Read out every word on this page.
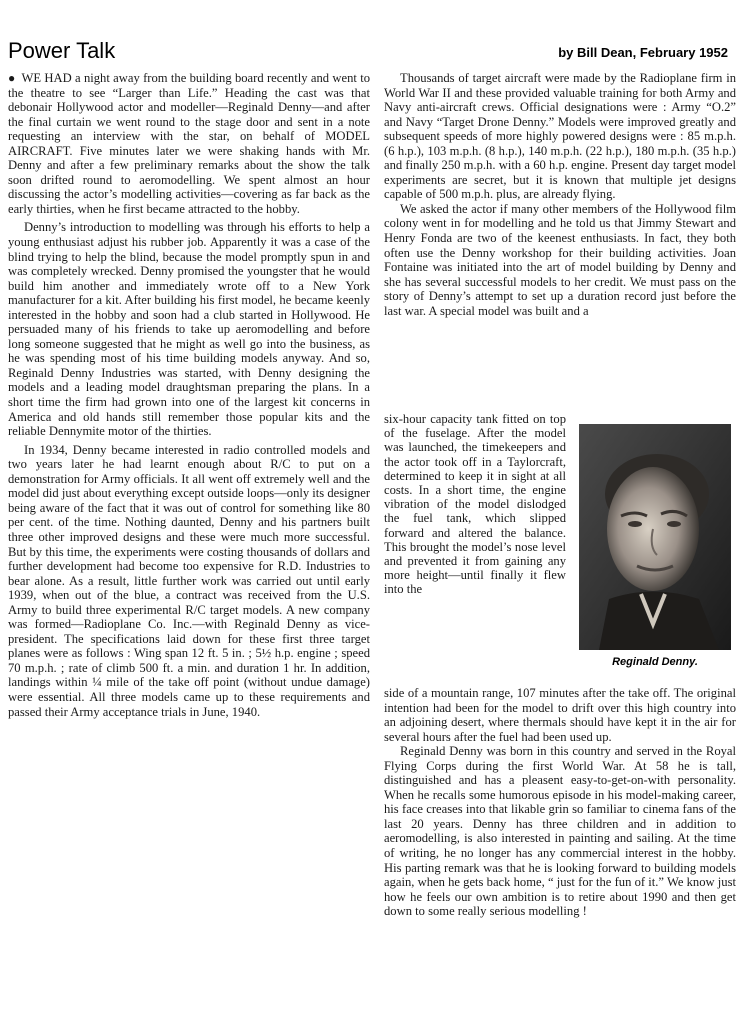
Power Talk	by Bill Dean, February 1952

● WE HAD a night away from the building board recently and went to the theatre to see “Larger than Life.” Heading the cast was that debonair Hollywood actor and modeller—Reginald Denny—and after the final curtain we went round to the stage door and sent in a note requesting an interview with the star, on behalf of MODEL AIRCRAFT. Five minutes later we were shaking hands with Mr. Denny and after a few preliminary remarks about the show the talk soon drifted round to aeromodelling. We spent almost an hour discussing the actor’s modelling activities—covering as far back as the early thirties, when he first became attracted to the hobby.

Denny’s introduction to modelling was through his efforts to help a young enthusiast adjust his rubber job. Apparently it was a case of the blind trying to help the blind, because the model promptly spun in and was completely wrecked. Denny promised the youngster that he would build him another and immediately wrote off to a New York manufacturer for a kit. After building his first model, he became keenly interested in the hobby and soon had a club started in Hollywood. He persuaded many of his friends to take up aeromodelling and before long someone suggested that he might as well go into the business, as he was spending most of his time building models anyway. And so, Reginald Denny Industries was started, with Denny designing the models and a leading model draughtsman preparing the plans. In a short time the firm had grown into one of the largest kit concerns in America and old hands still remember those popular kits and the reliable Dennymite motor of the thirties.

In 1934, Denny became interested in radio controlled models and two years later he had learnt enough about R/C to put on a demonstration for Army officials. It all went off extremely well and the model did just about everything except outside loops—only its designer being aware of the fact that it was out of control for something like 80 per cent. of the time. Nothing daunted, Denny and his partners built three other improved designs and these were much more successful. But by this time, the experiments were costing thousands of dollars and further development had become too expensive for R.D. Industries to bear alone. As a result, little further work was carried out until early 1939, when out of the blue, a contract was received from the U.S. Army to build three experimental R/C target models. A new company was formed—Radioplane Co. Inc.—with Reginald Denny as vice-president. The specifications laid down for these first three target planes were as follows : Wing span 12 ft. 5 in. ; 5½ h.p. engine ; speed 70 m.p.h. ; rate of climb 500 ft. a min. and duration 1 hr. In addition, landings within ¼ mile of the take off point (without undue damage) were essential. All three models came up to these requirements and passed their Army acceptance trials in June, 1940.

Thousands of target aircraft were made by the Radioplane firm in World War II and these provided valuable training for both Army and Navy anti-aircraft crews. Official designations were : Army “O.2” and Navy “Target Drone Denny.” Models were improved greatly and subsequent speeds of more highly powered designs were : 85 m.p.h. (6 h.p.), 103 m.p.h. (8 h.p.), 140 m.p.h. (22 h.p.), 180 m.p.h. (35 h.p.) and finally 250 m.p.h. with a 60 h.p. engine. Present day target model experiments are secret, but it is known that multiple jet designs capable of 500 m.p.h. plus, are already flying.

We asked the actor if many other members of the Hollywood film colony went in for modelling and he told us that Jimmy Stewart and Henry Fonda are two of the keenest enthusiasts. In fact, they both often use the Denny workshop for their building activities. Joan Fontaine was initiated into the art of model building by Denny and she has several successful models to her credit. We must pass on the story of Denny’s attempt to set up a duration record just before the last war. A special model was built and a

six-hour capacity tank fitted on top of the fuselage. After the model was launched, the timekeepers and the actor took off in a Taylorcraft, determined to keep it in sight at all costs. In a short time, the engine vibration of the model dislodged the fuel tank, which slipped forward and altered the balance. This brought the model’s nose level and prevented it from gaining any more height—until finally it flew into the

Reginald Denny.

side of a mountain range, 107 minutes after the take off. The original intention had been for the model to drift over this high country into an adjoining desert, where thermals should have kept it in the air for several hours after the fuel had been used up.

Reginald Denny was born in this country and served in the Royal Flying Corps during the first World War. At 58 he is tall, distinguished and has a pleasent easy-to-get-on-with personality. When he recalls some humorous episode in his model-making career, his face creases into that likable grin so familiar to cinema fans of the last 20 years. Denny has three children and in addition to aeromodelling, is also interested in painting and sailing. At the time of writing, he no longer has any commercial interest in the hobby. His parting remark was that he is looking forward to building models again, when he gets back home, “ just for the fun of it.” We know just how he feels our own ambition is to retire about 1990 and then get down to some really serious modelling !
